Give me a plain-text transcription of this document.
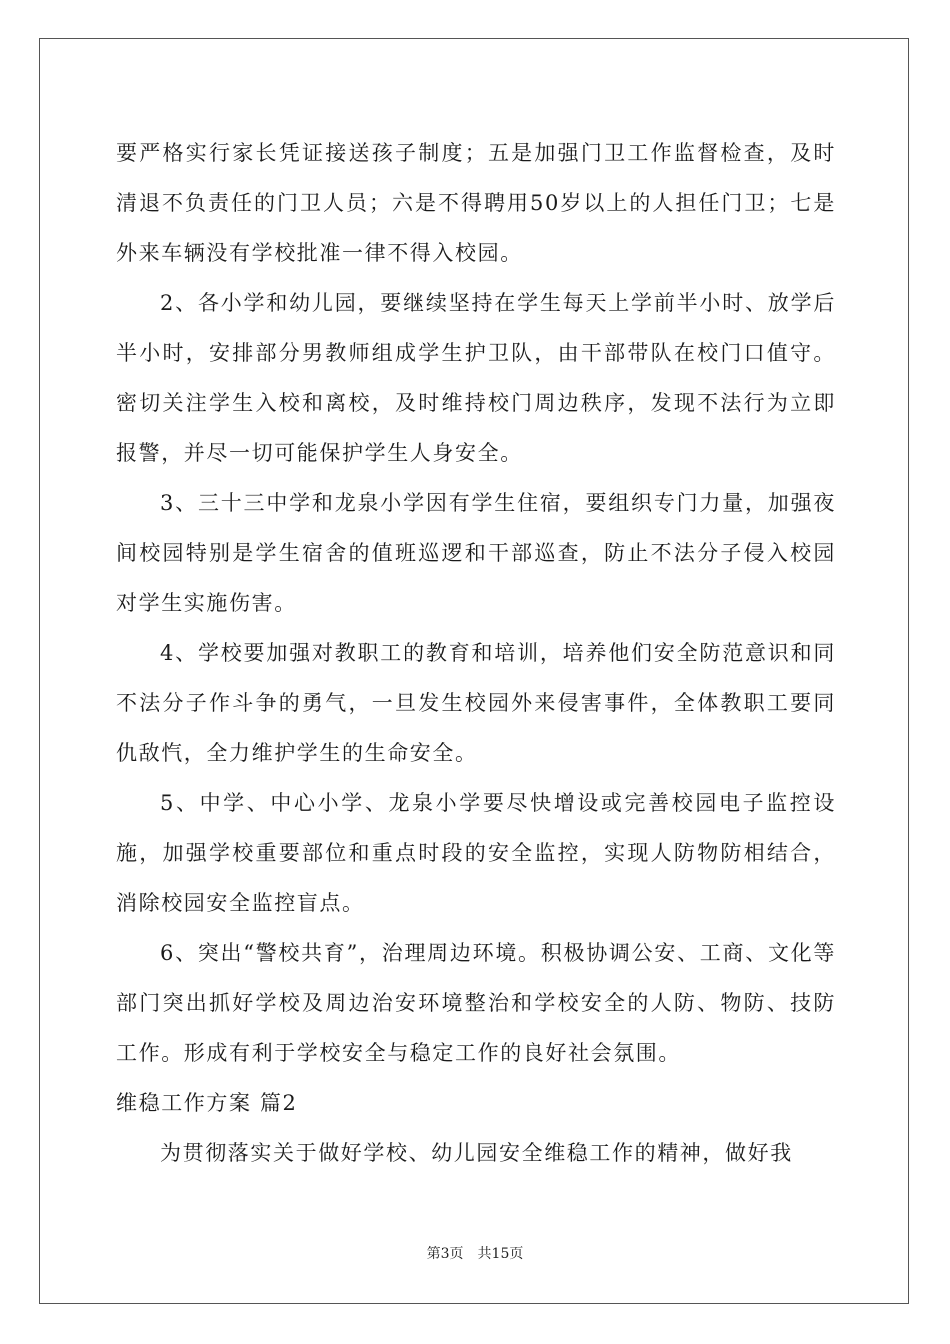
要严格实行家长凭证接送孩子制度；五是加强门卫工作监督检查，及时清退不负责任的门卫人员；六是不得聘用50岁以上的人担任门卫；七是外来车辆没有学校批准一律不得入校园。

2、各小学和幼儿园，要继续坚持在学生每天上学前半小时、放学后半小时，安排部分男教师组成学生护卫队，由干部带队在校门口值守。密切关注学生入校和离校，及时维持校门周边秩序，发现不法行为立即报警，并尽一切可能保护学生人身安全。

3、三十三中学和龙泉小学因有学生住宿，要组织专门力量，加强夜间校园特别是学生宿舍的值班巡逻和干部巡查，防止不法分子侵入校园对学生实施伤害。

4、学校要加强对教职工的教育和培训，培养他们安全防范意识和同不法分子作斗争的勇气，一旦发生校园外来侵害事件，全体教职工要同仇敌忾，全力维护学生的生命安全。

5、中学、中心小学、龙泉小学要尽快增设或完善校园电子监控设施，加强学校重要部位和重点时段的安全监控，实现人防物防相结合，消除校园安全监控盲点。

6、突出“警校共育”，治理周边环境。积极协调公安、工商、文化等部门突出抓好学校及周边治安环境整治和学校安全的人防、物防、技防工作。形成有利于学校安全与稳定工作的良好社会氛围。

维稳工作方案 篇2

为贯彻落实关于做好学校、幼儿园安全维稳工作的精神，做好我

第3页 共15页
